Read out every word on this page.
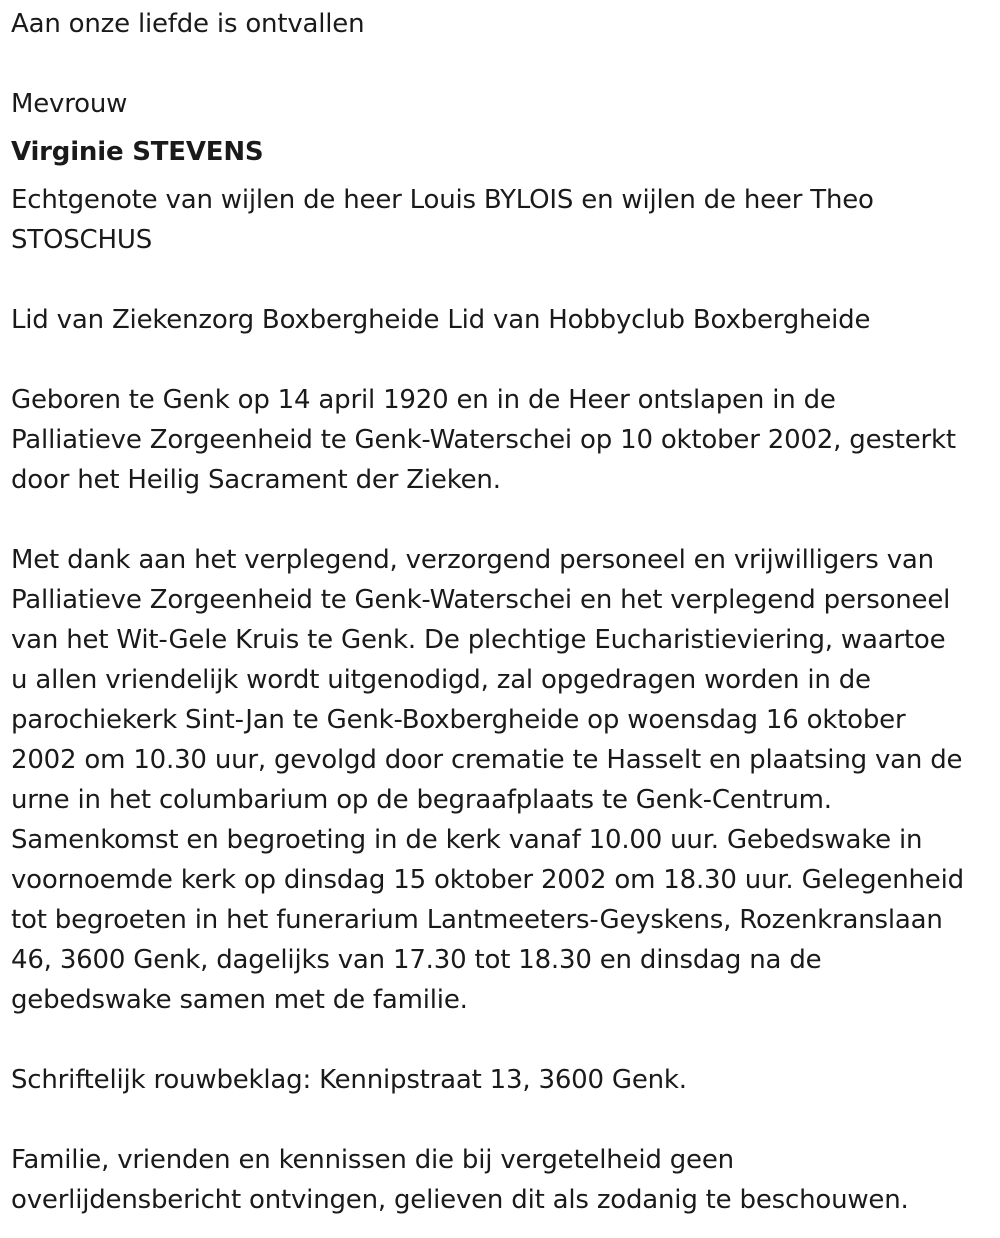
Aan onze liefde is ontvallen

Mevrouw

Virginie STEVENS

Echtgenote van wijlen de heer Louis BYLOIS en wijlen de heer Theo

STOSCHUS

Lid van Ziekenzorg Boxbergheide Lid van Hobbyclub Boxbergheide

Geboren te Genk op 14 april 1920 en in de Heer ontslapen in de

Palliatieve Zorgeenheid te Genk-Waterschei op 10 oktober 2002, gesterkt

door het Heilig Sacrament der Zieken.

Met dank aan het verplegend, verzorgend personeel en vrijwilligers van

Palliatieve Zorgeenheid te Genk-Waterschei en het verplegend personeel

van het Wit-Gele Kruis te Genk. De plechtige Eucharistieviering, waartoe

u allen vriendelijk wordt uitgenodigd, zal opgedragen worden in de

parochiekerk Sint-Jan te Genk-Boxbergheide op woensdag 16 oktober

2002 om 10.30 uur, gevolgd door crematie te Hasselt en plaatsing van de

urne in het columbarium op de begraafplaats te Genk-Centrum.

Samenkomst en begroeting in de kerk vanaf 10.00 uur. Gebedswake in

voornoemde kerk op dinsdag 15 oktober 2002 om 18.30 uur. Gelegenheid

tot begroeten in het funerarium Lantmeeters-Geyskens, Rozenkranslaan

46, 3600 Genk, dagelijks van 17.30 tot 18.30 en dinsdag na de

gebedswake samen met de familie.

Schriftelijk rouwbeklag: Kennipstraat 13, 3600 Genk.

Familie, vrienden en kennissen die bij vergetelheid geen

overlijdensbericht ontvingen, gelieven dit als zodanig te beschouwen.
